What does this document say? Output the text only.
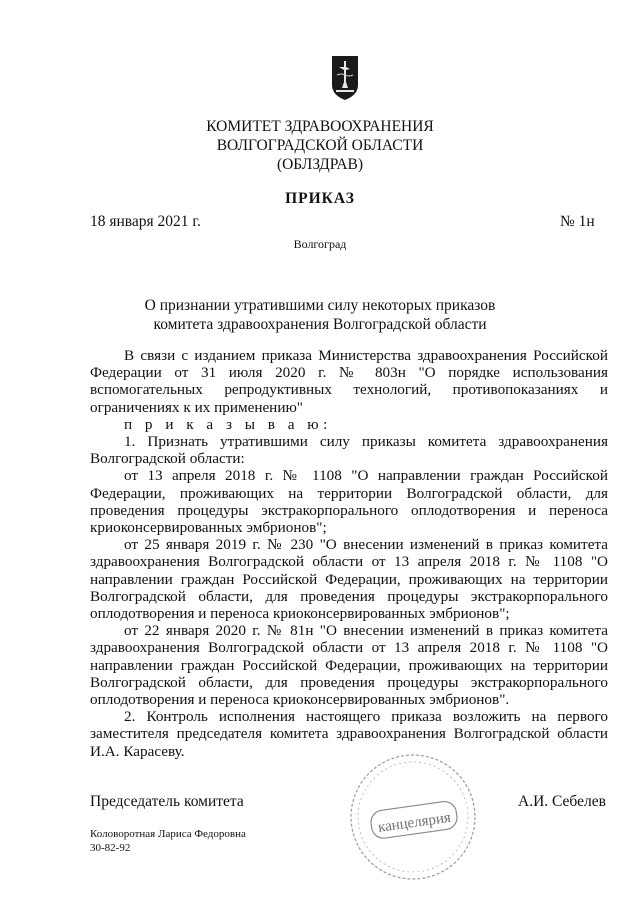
КОМИТЕТ ЗДРАВООХРАНЕНИЯ
ВОЛГОГРАДСКОЙ ОБЛАСТИ
(ОБЛЗДРАВ)
ПРИКАЗ
18 января 2021 г.	№ 1н
Волгоград
О признании утратившими силу некоторых приказов
комитета здравоохранения Волгоградской области

В связи с изданием приказа Министерства здравоохранения Российской Федерации от 31 июля 2020 г. № 803н "О порядке использования вспомогательных репродуктивных технологий, противопоказаниях и ограничениях к их применению"

п р и к а з ы в а ю:

1. Признать утратившими силу приказы комитета здравоохранения Волгоградской области:

от 13 апреля 2018 г. № 1108 "О направлении граждан Российской Федерации, проживающих на территории Волгоградской области, для проведения процедуры экстракорпорального оплодотворения и переноса криоконсервированных эмбрионов";

от 25 января 2019 г. № 230 "О внесении изменений в приказ комитета здравоохранения Волгоградской области от 13 апреля 2018 г. № 1108 "О направлении граждан Российской Федерации, проживающих на территории Волгоградской области, для проведения процедуры экстракорпорального оплодотворения и переноса криоконсервированных эмбрионов";

от 22 января 2020 г. № 81н "О внесении изменений в приказ комитета здравоохранения Волгоградской области от 13 апреля 2018 г. № 1108 "О направлении граждан Российской Федерации, проживающих на территории Волгоградской области, для проведения процедуры экстракорпорального оплодотворения и переноса криоконсервированных эмбрионов".

2. Контроль исполнения настоящего приказа возложить на первого заместителя председателя комитета здравоохранения Волгоградской области И.А. Карасеву.

канцелярия
Председатель комитета	А.И. Себелев
Коловоротная Лариса Федоровна
30-82-92
